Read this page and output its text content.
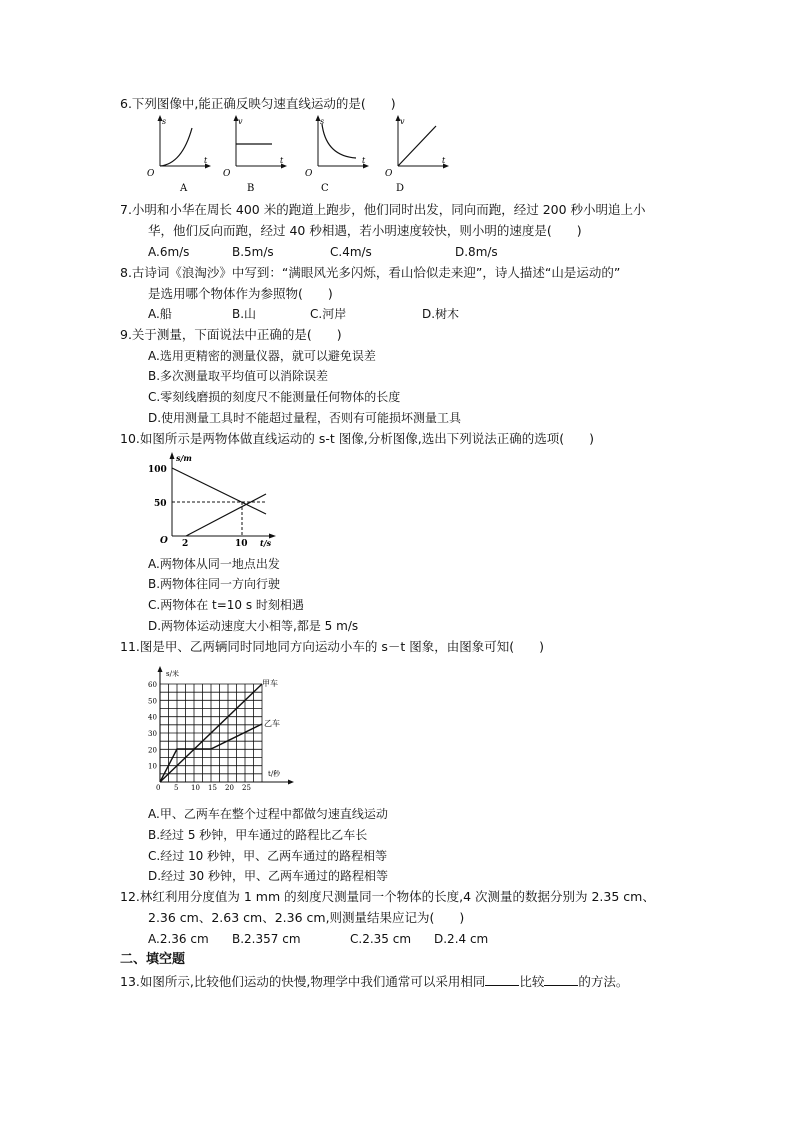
6.下列图像中,能正确反映匀速直线运动的是(　　)
s
t
O
A
v
t
O
B
s
t
O
C
v
t
O
D
7.小明和小华在周长 400 米的跑道上跑步，他们同时出发，同向而跑，经过 200 秒小明追上小
华，他们反向而跑，经过 40 秒相遇，若小明速度较快，则小明的速度是(　　)
A.6m/s	B.5m/s	C.4m/s	D.8m/s
8.古诗词《浪淘沙》中写到：“满眼风光多闪烁，看山恰似走来迎”，诗人描述“山是运动的”
是选用哪个物体作为参照物(　　)
A.船	B.山	C.河岸	D.树木
9.关于测量，下面说法中正确的是(　　)
A.选用更精密的测量仪器，就可以避免误差
B.多次测量取平均值可以消除误差
C.零刻线磨损的刻度尺不能测量任何物体的长度
D.使用测量工具时不能超过量程，否则有可能损坏测量工具
10.如图所示是两物体做直线运动的 s-t 图像,分析图像,选出下列说法正确的选项(　　)
s/m
100
50
O 2	10 t/s
A.两物体从同一地点出发
B.两物体往同一方向行驶
C.两物体在 t=10 s 时刻相遇
D.两物体运动速度大小相等,都是 5 m/s
11.图是甲、乙两辆同时同地同方向运动小车的 s－t 图象，由图象可知(　　)
s/米
甲车
乙车
t/秒
0
10
20
30
40
50
60
5 10 15 20 25
A.甲、乙两车在整个过程中都做匀速直线运动
B.经过 5 秒钟，甲车通过的路程比乙车长
C.经过 10 秒钟，甲、乙两车通过的路程相等
D.经过 30 秒钟，甲、乙两车通过的路程相等
12.林红利用分度值为 1 mm 的刻度尺测量同一个物体的长度,4 次测量的数据分别为 2.35 cm、
2.36 cm、2.63 cm、2.36 cm,则测量结果应记为(　　)
A.2.36 cm B.2.357 cm	C.2.35 cm D.2.4 cm
二、填空题
13.如图所示,比较他们运动的快慢,物理学中我们通常可以采用相同	比较	的方法。
